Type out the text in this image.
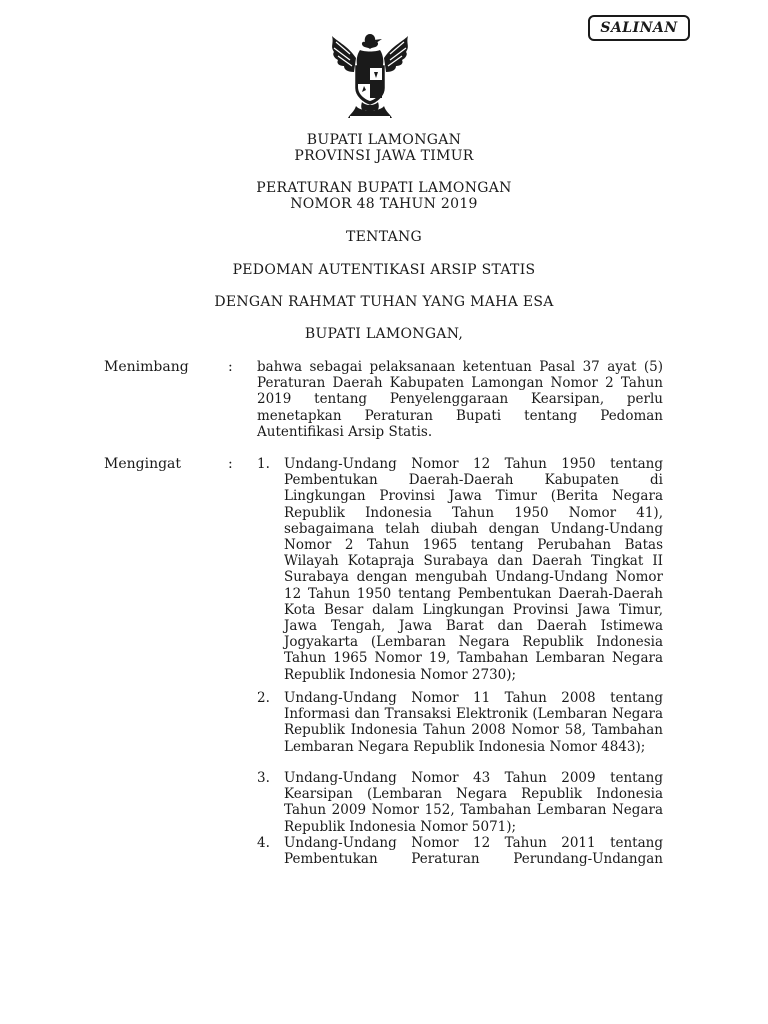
SALINAN
BUPATI LAMONGAN
PROVINSI JAWA TIMUR
PERATURAN BUPATI LAMONGAN
NOMOR 48 TAHUN 2019
TENTANG
PEDOMAN AUTENTIKASI ARSIP STATIS
DENGAN RAHMAT TUHAN YANG MAHA ESA
BUPATI LAMONGAN,
Menimbang	: bahwa sebagai pelaksanaan ketentuan Pasal 37 ayat (5) Peraturan Daerah Kabupaten Lamongan Nomor 2 Tahun 2019 tentang Penyelenggaraan Kearsipan, perlu menetapkan Peraturan Bupati tentang Pedoman Autentifikasi Arsip Statis.
Mengingat	: 1. Undang-Undang Nomor 12 Tahun 1950 tentang Pembentukan Daerah-Daerah Kabupaten di Lingkungan Provinsi Jawa Timur (Berita Negara Republik Indonesia Tahun 1950 Nomor 41), sebagaimana telah diubah dengan Undang-Undang Nomor 2 Tahun 1965 tentang Perubahan Batas Wilayah Kotapraja Surabaya dan Daerah Tingkat II Surabaya dengan mengubah Undang-Undang Nomor 12 Tahun 1950 tentang Pembentukan Daerah-Daerah Kota Besar dalam Lingkungan Provinsi Jawa Timur, Jawa Tengah, Jawa Barat dan Daerah Istimewa Jogyakarta (Lembaran Negara Republik Indonesia Tahun 1965 Nomor 19, Tambahan Lembaran Negara Republik Indonesia Nomor 2730);
2. Undang-Undang Nomor 11 Tahun 2008 tentang Informasi dan Transaksi Elektronik (Lembaran Negara Republik Indonesia Tahun 2008 Nomor 58, Tambahan Lembaran Negara Republik Indonesia Nomor 4843);
3. Undang-Undang Nomor 43 Tahun 2009 tentang Kearsipan (Lembaran Negara Republik Indonesia Tahun 2009 Nomor 152, Tambahan Lembaran Negara Republik Indonesia Nomor 5071);
4. Undang-Undang Nomor 12 Tahun 2011 tentang Pembentukan Peraturan Perundang-Undangan
